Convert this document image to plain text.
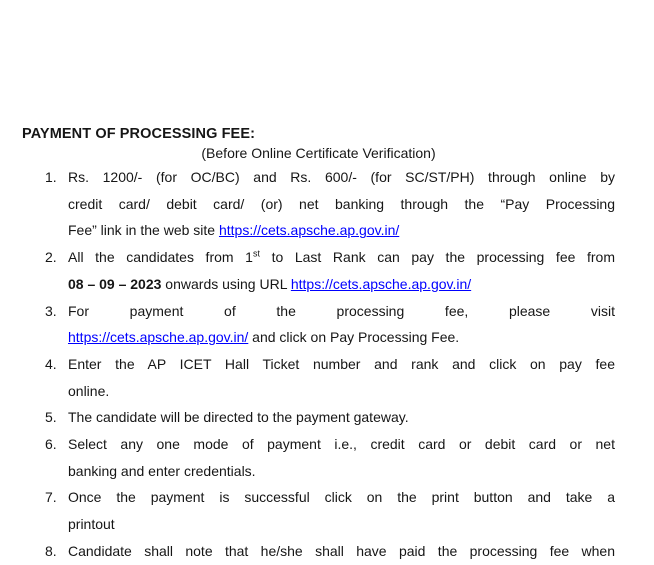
PAYMENT OF PROCESSING FEE:
(Before Online Certificate Verification)
1. Rs. 1200/- (for OC/BC) and Rs. 600/- (for SC/ST/PH) through online by
credit card/ debit card/ (or) net banking through the “Pay Processing
Fee” link in the web site https://cets.apsche.ap.gov.in/
2. All the candidates from 1st to Last Rank can pay the processing fee from
08 – 09 – 2023 onwards using URL https://cets.apsche.ap.gov.in/
3. For payment of the processing fee, please visit
https://cets.apsche.ap.gov.in/ and click on Pay Processing Fee.
4. Enter the AP ICET Hall Ticket number and rank and click on pay fee
online.
5. The candidate will be directed to the payment gateway.
6. Select any one mode of payment i.e., credit card or debit card or net
banking and enter credentials.
7. Once the payment is successful click on the print button and take a
printout
8. Candidate shall note that he/she shall have paid the processing fee when
